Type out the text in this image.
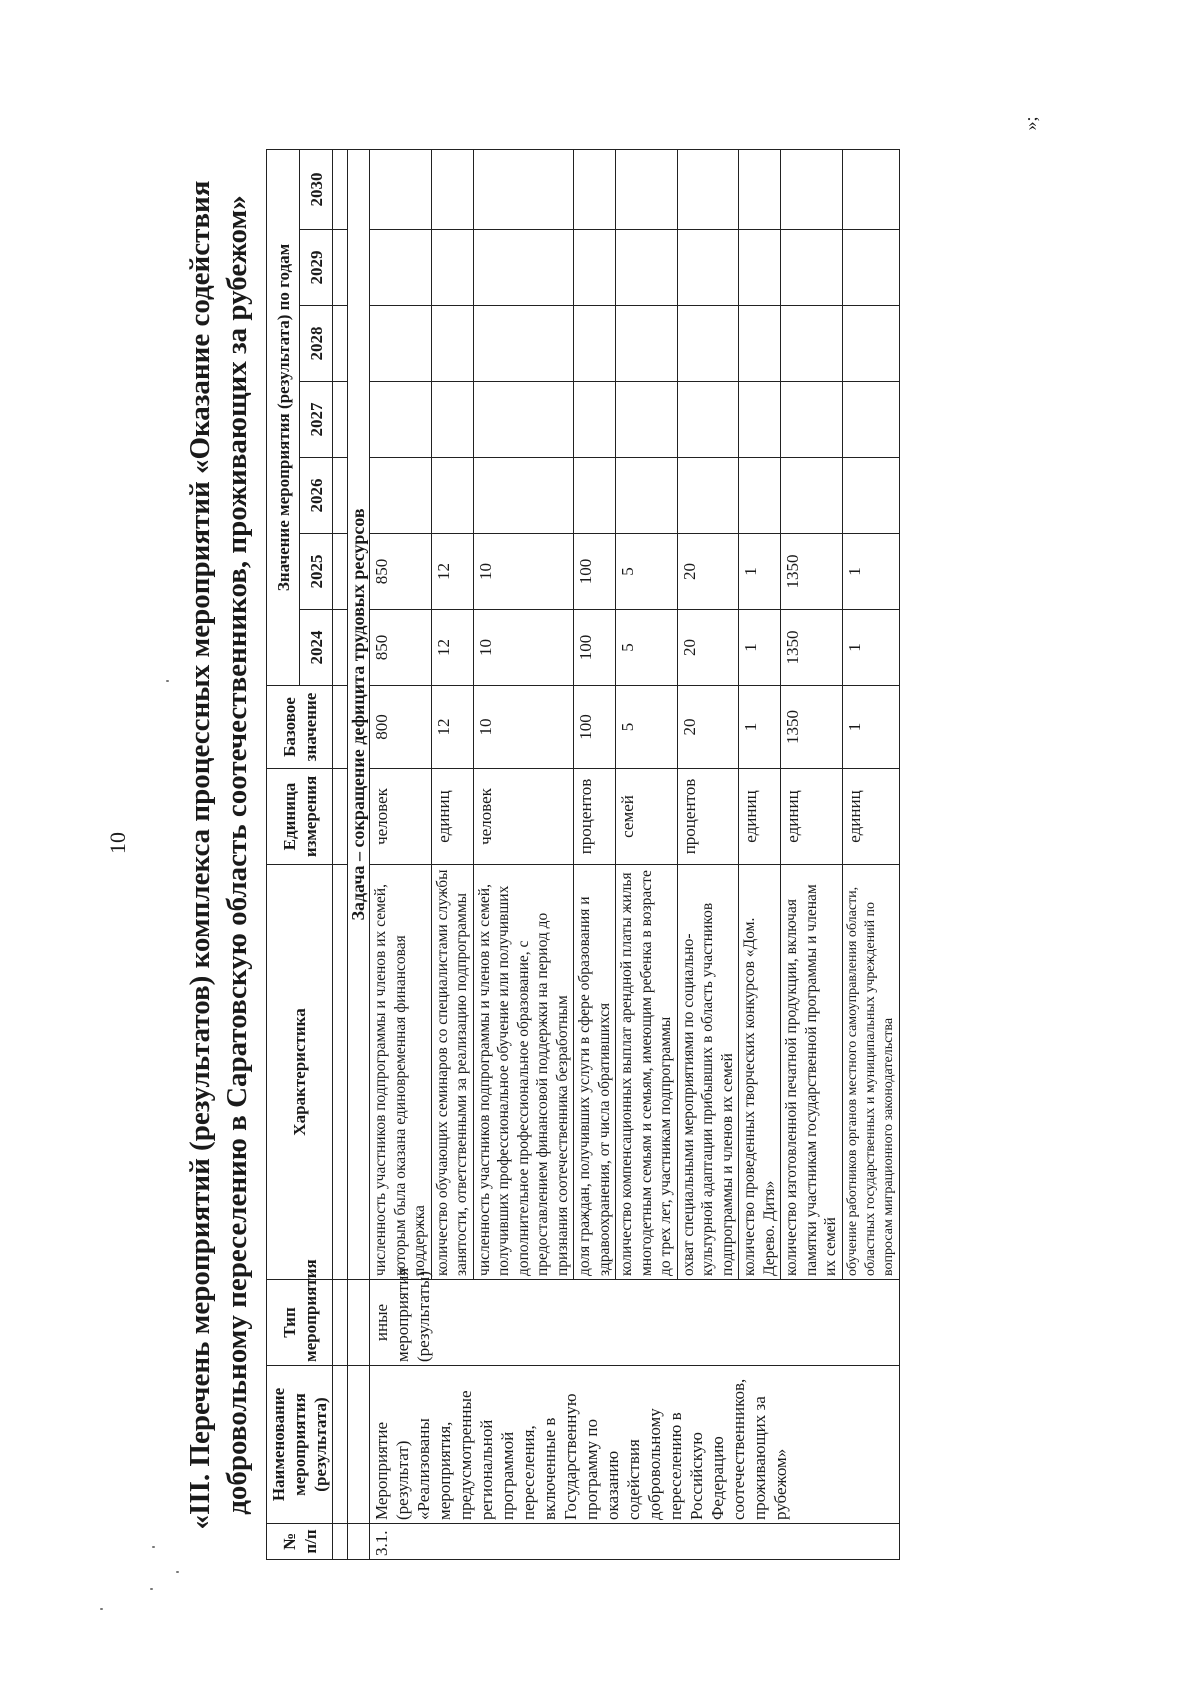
10
»;
«III. Перечень мероприятий (результатов) комплекса процессных мероприятий «Оказание содействия добровольному переселению в Саратовскую область соотечественников, проживающих за рубежом»
№ п/п	Наименование мероприятия (результата)	Тип мероприятия	Характеристика	Единица измерения	Базовое значение	Значение мероприятия (результата) по годам						
						2024	2025	2026	2027	2028	2029	2030

			Задача – сокращение дефицита трудовых ресурсов									
3.1.	Мероприятие (результат) «Реализованы мероприятия, предусмотренные региональной программой переселения, включенные в Государственную программу по оказанию содействия добровольному переселению в Российскую Федерацию соотечественников, проживающих за рубежом»	иные мероприятия (результаты)	численность участников подпрограммы и членов их семей, которым была оказана единовременная финансовая поддержка	человек	800	850	850					
			количество обучающих семинаров со специалистами службы занятости, ответственными за реализацию подпрограммы	единиц	12	12	12					
			численность участников подпрограммы и членов их семей, получивших профессиональное обучение или получивших дополнительное профессиональное образование, с предоставлением финансовой поддержки на период до признания соотечественника безработным	человек	10	10	10					
			доля граждан, получивших услуги в сфере образования и здравоохранения, от числа обратившихся	процентов	100	100	100					
			количество компенсационных выплат арендной платы жилья многодетным семьям и семьям, имеющим ребенка в возрасте до трех лет, участникам подпрограммы	семей	5	5	5					
			охват специальными мероприятиями по социально-культурной адаптации прибывших в область участников подпрограммы и членов их семей	процентов	20	20	20					
			количество проведенных творческих конкурсов «Дом. Дерево. Дитя»	единиц	1	1	1					
			количество изготовленной печатной продукции, включая памятки участникам государственной программы и членам их семей	единиц	1350	1350	1350					
			обучение работников органов местного самоуправления области, областных государственных и муниципальных учреждений по вопросам миграционного законодательства	единиц	1	1	1					
